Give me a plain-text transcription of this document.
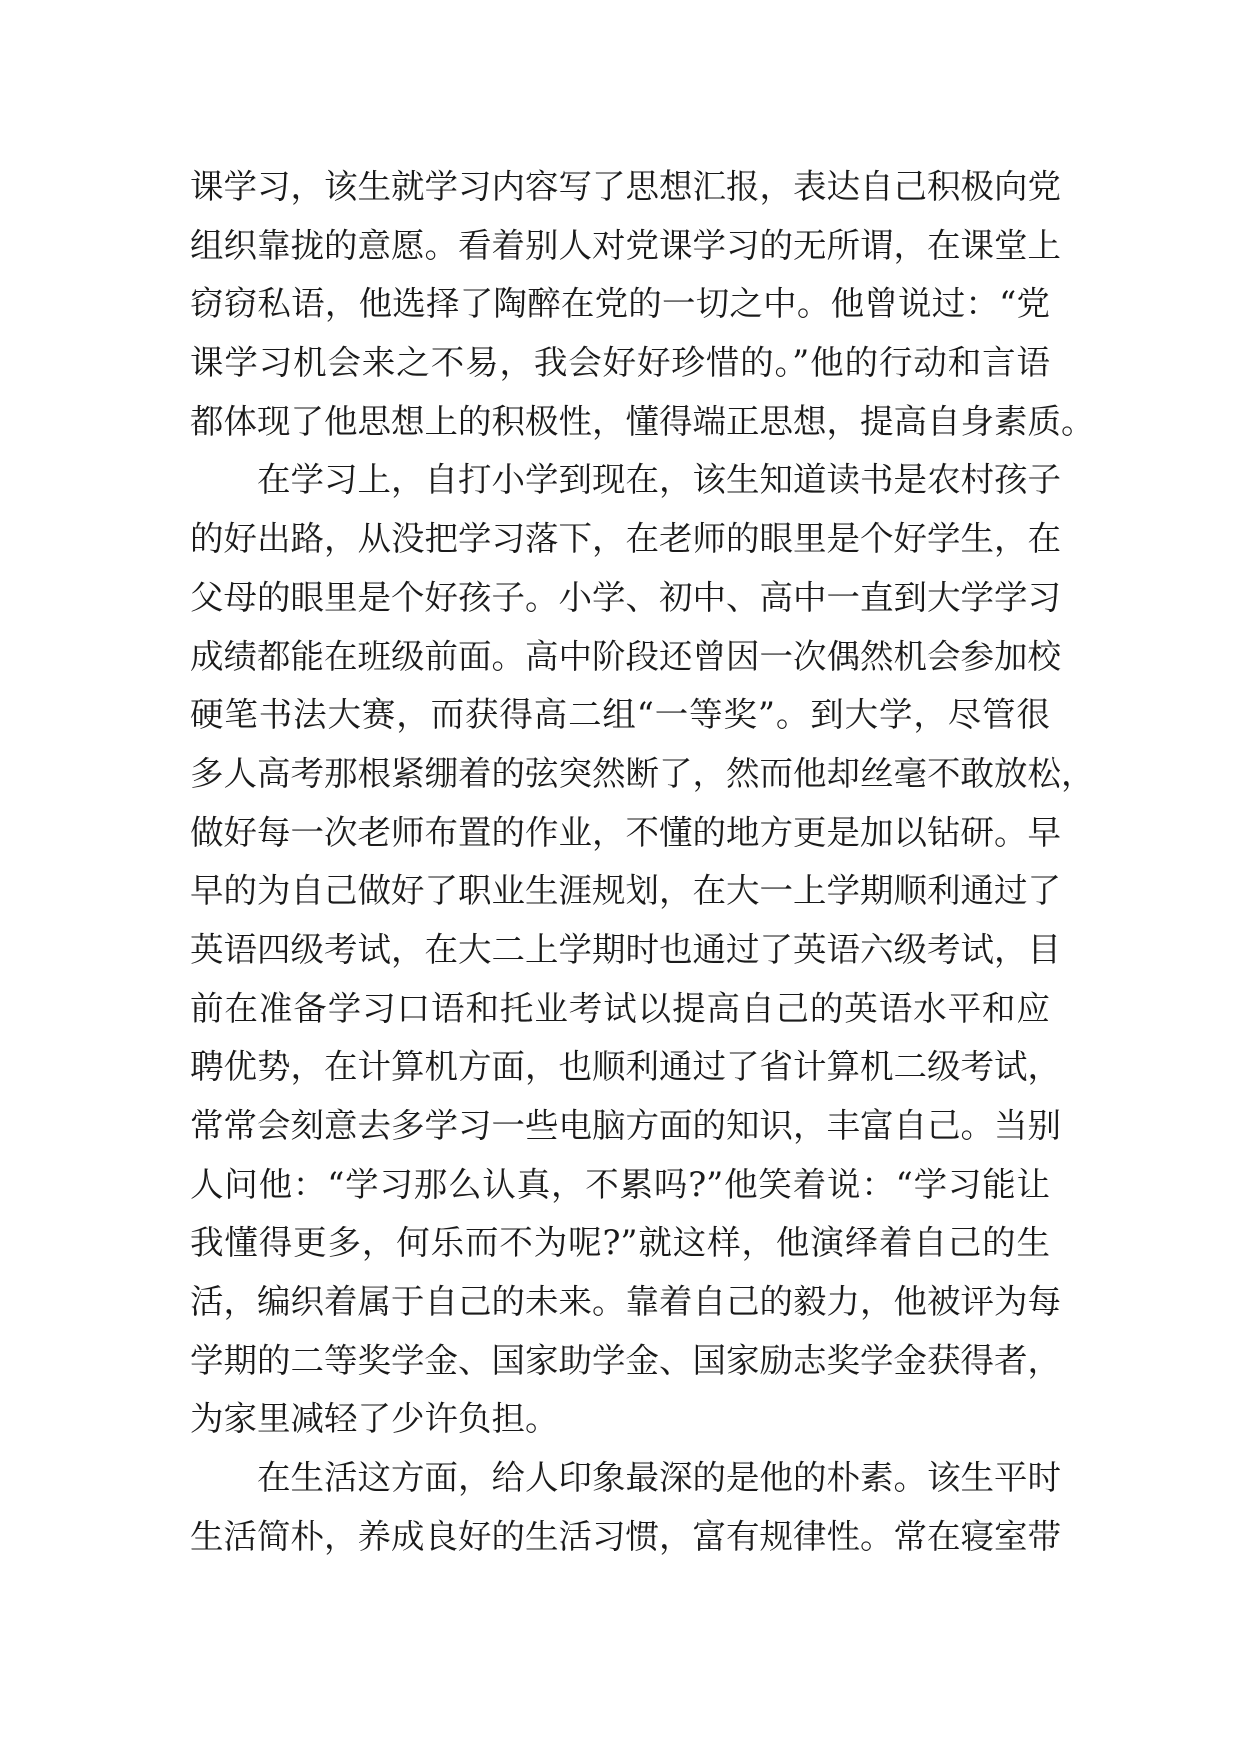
课学习，该生就学习内容写了思想汇报，表达自己积极向党
组织靠拢的意愿。看着别人对党课学习的无所谓，在课堂上
窃窃私语，他选择了陶醉在党的一切之中。他曾说过：“党
课学习机会来之不易，我会好好珍惜的。”他的行动和言语
都体现了他思想上的积极性，懂得端正思想，提高自身素质。
在学习上，自打小学到现在，该生知道读书是农村孩子
的好出路，从没把学习落下，在老师的眼里是个好学生，在
父母的眼里是个好孩子。小学、初中、高中一直到大学学习
成绩都能在班级前面。高中阶段还曾因一次偶然机会参加校
硬笔书法大赛，而获得高二组“一等奖”。到大学，尽管很
多人高考那根紧绷着的弦突然断了，然而他却丝毫不敢放松，
做好每一次老师布置的作业，不懂的地方更是加以钻研。早
早的为自己做好了职业生涯规划，在大一上学期顺利通过了
英语四级考试，在大二上学期时也通过了英语六级考试，目
前在准备学习口语和托业考试以提高自己的英语水平和应
聘优势，在计算机方面，也顺利通过了省计算机二级考试，
常常会刻意去多学习一些电脑方面的知识，丰富自己。当别
人问他：“学习那么认真，不累吗?”他笑着说：“学习能让
我懂得更多，何乐而不为呢?”就这样，他演绎着自己的生
活，编织着属于自己的未来。靠着自己的毅力，他被评为每
学期的二等奖学金、国家助学金、国家励志奖学金获得者，
为家里减轻了少许负担。
在生活这方面，给人印象最深的是他的朴素。该生平时
生活简朴，养成良好的生活习惯，富有规律性。常在寝室带
